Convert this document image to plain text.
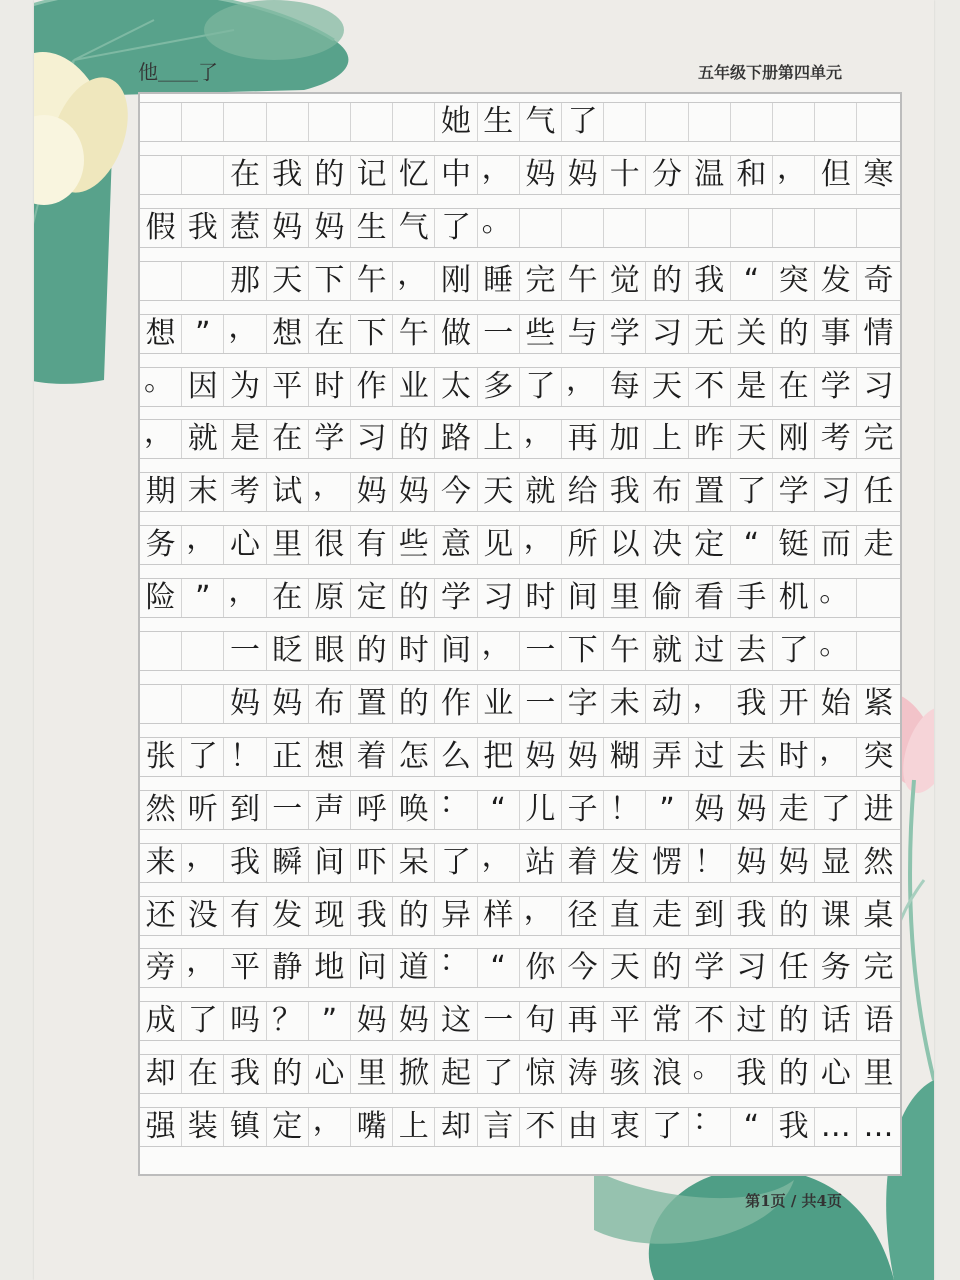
他＿＿了	五年级下册第四单元
她 生 气 了
在 我 的 记 忆 中 ， 妈 妈 十 分 温 和 ， 但 寒
假 我 惹 妈 妈 生 气 了 。
那 天 下 午 ， 刚 睡 完 午 觉 的 我 “ 突 发 奇
想 ” ， 想 在 下 午 做 一 些 与 学 习 无 关 的 事 情
。 因 为 平 时 作 业 太 多 了 ， 每 天 不 是 在 学 习
， 就 是 在 学 习 的 路 上 ， 再 加 上 昨 天 刚 考 完
期 末 考 试 ， 妈 妈 今 天 就 给 我 布 置 了 学 习 任
务 ， 心 里 很 有 些 意 见 ， 所 以 决 定 “ 铤 而 走
险 ” ， 在 原 定 的 学 习 时 间 里 偷 看 手 机 。
一 眨 眼 的 时 间 ， 一 下 午 就 过 去 了 。
妈 妈 布 置 的 作 业 一 字 未 动 ， 我 开 始 紧
张 了 ！ 正 想 着 怎 么 把 妈 妈 糊 弄 过 去 时 ， 突
然 听 到 一 声 呼 唤 ： “ 儿 子 ！ ” 妈 妈 走 了 进
来 ， 我 瞬 间 吓 呆 了 ， 站 着 发 愣 ！ 妈 妈 显 然
还 没 有 发 现 我 的 异 样 ， 径 直 走 到 我 的 课 桌
旁 ， 平 静 地 问 道 ： “ 你 今 天 的 学 习 任 务 完
成 了 吗 ？ ” 妈 妈 这 一 句 再 平 常 不 过 的 话 语
却 在 我 的 心 里 掀 起 了 惊 涛 骇 浪 。 我 的 心 里
强 装 镇 定 ， 嘴 上 却 言 不 由 衷 了 ： “ 我 … …
第1页 / 共4页
